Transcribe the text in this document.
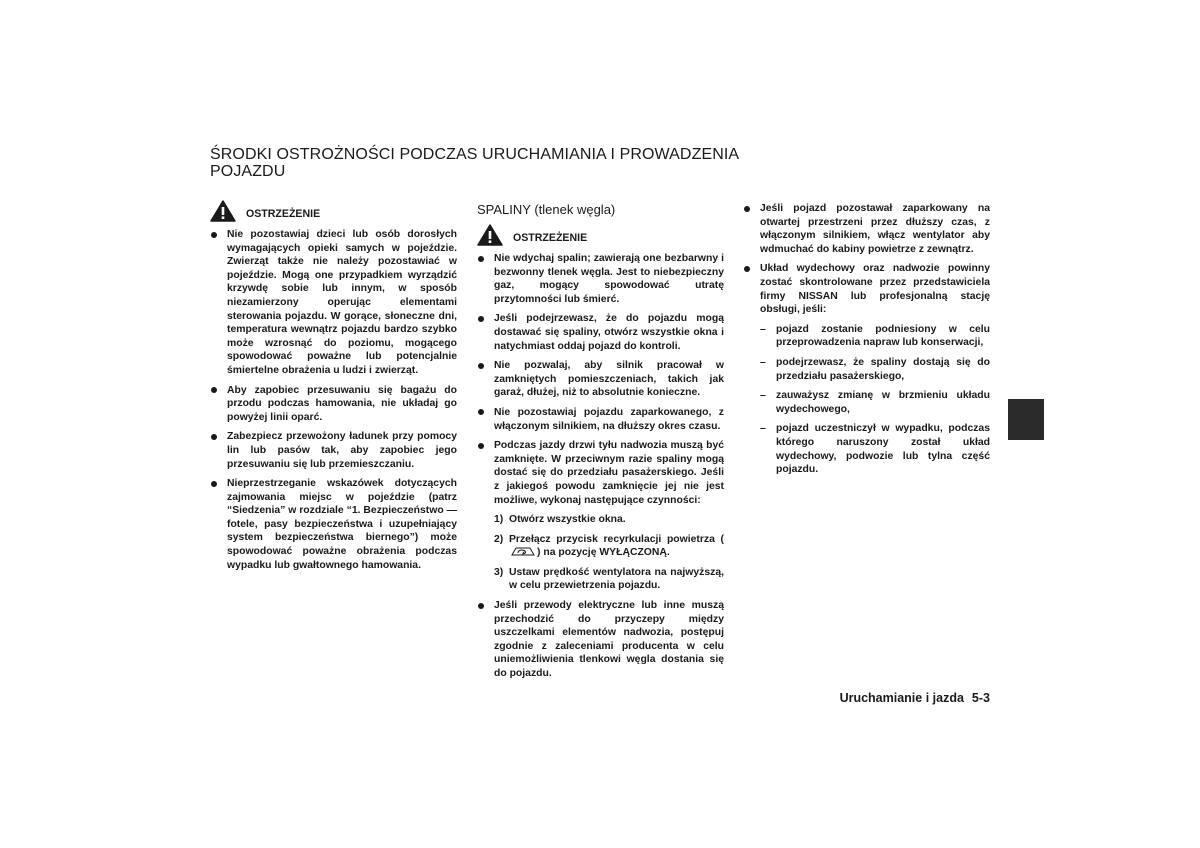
ŚRODKI OSTROŻNOŚCI PODCZAS URUCHAMIANIA I PROWADZENIA POJAZDU
OSTRZEŻENIE
Nie pozostawiaj dzieci lub osób dorosłych wymagających opieki samych w pojeździe. Zwierząt także nie należy pozostawiać w pojeździe. Mogą one przypadkiem wyrządzić krzywdę sobie lub innym, w sposób niezamierzony operując elementami sterowania pojazdu. W gorące, słoneczne dni, temperatura wewnątrz pojazdu bardzo szybko może wzrosnąć do poziomu, mogącego spowodować poważne lub potencjalnie śmiertelne obrażenia u ludzi i zwierząt.
Aby zapobiec przesuwaniu się bagażu do przodu podczas hamowania, nie układaj go powyżej linii oparć.
Zabezpiecz przewożony ładunek przy pomocy lin lub pasów tak, aby zapobiec jego przesuwaniu się lub przemieszczaniu.
Nieprzestrzeganie wskazówek dotyczących zajmowania miejsc w pojeździe (patrz “Siedzenia” w rozdziale “1. Bezpieczeństwo — fotele, pasy bezpieczeństwa i uzupełniający system bezpieczeństwa biernego”) może spowodować poważne obrażenia podczas wypadku lub gwałtownego hamowania.
SPALINY (tlenek węgla)
OSTRZEŻENIE
Nie wdychaj spalin; zawierają one bezbarwny i bezwonny tlenek węgla. Jest to niebezpieczny gaz, mogący spowodować utratę przytomności lub śmierć.
Jeśli podejrzewasz, że do pojazdu mogą dostawać się spaliny, otwórz wszystkie okna i natychmiast oddaj pojazd do kontroli.
Nie pozwalaj, aby silnik pracował w zamkniętych pomieszczeniach, takich jak garaż, dłużej, niż to absolutnie konieczne.
Nie pozostawiaj pojazdu zaparkowanego, z włączonym silnikiem, na dłuższy okres czasu.
Podczas jazdy drzwi tyłu nadwozia muszą być zamknięte. W przeciwnym razie spaliny mogą dostać się do przedziału pasażerskiego. Jeśli z jakiegoś powodu zamknięcie jej nie jest możliwe, wykonaj następujące czynności:
1) Otwórz wszystkie okna.
2) Przełącz przycisk recyrkulacji powietrza () na pozycję WYŁĄCZONĄ.
3) Ustaw prędkość wentylatora na najwyższą, w celu przewietrzenia pojazdu.
Jeśli przewody elektryczne lub inne muszą przechodzić do przyczepy między uszczelkami elementów nadwozia, postępuj zgodnie z zaleceniami producenta w celu uniemożliwienia tlenkowi węgla dostania się do pojazdu.
Jeśli pojazd pozostawał zaparkowany na otwartej przestrzeni przez dłuższy czas, z włączonym silnikiem, włącz wentylator aby wdmuchać do kabiny powietrze z zewnątrz.
Układ wydechowy oraz nadwozie powinny zostać skontrolowane przez przedstawiciela firmy NISSAN lub profesjonalną stację obsługi, jeśli:
– pojazd zostanie podniesiony w celu przeprowadzenia napraw lub konserwacji,
– podejrzewasz, że spaliny dostają się do przedziału pasażerskiego,
– zauważysz zmianę w brzmieniu układu wydechowego,
– pojazd uczestniczył w wypadku, podczas którego naruszony został układ wydechowy, podwozie lub tylna część pojazdu.
Uruchamianie i jazda 5-3
